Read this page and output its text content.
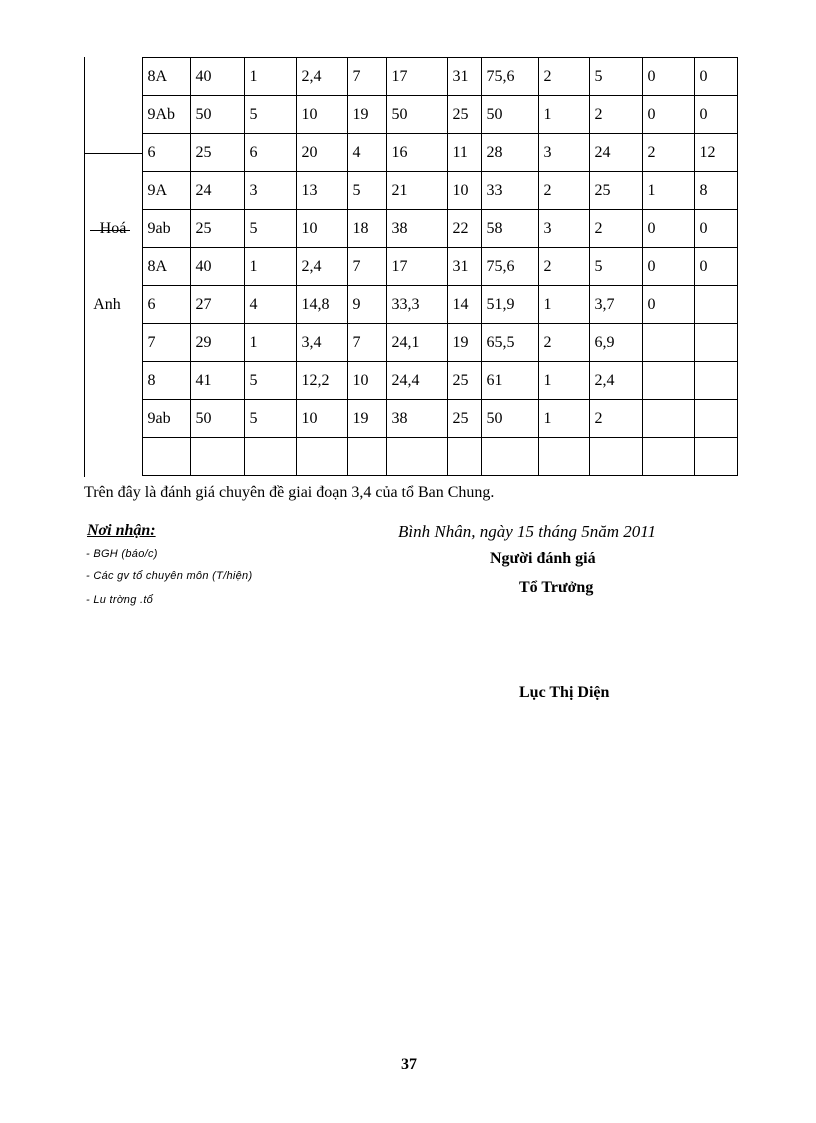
	8A	40	1	2,4	7	17	31	75,6	2	5	0	0
	9Ab	50	5	10	19	50	25	50	1	2	0	0
	6	25	6	20	4	16	11	28	3	24	2	12
	9A	24	3	13	5	21	10	33	2	25	1	8
	9ab	25	5	10	18	38	22	58	3	2	0	0
	8A	40	1	2,4	7	17	31	75,6	2	5	0	0
	6	27	4	14,8	9	33,3	14	51,9	1	3,7	0	
	7	29	1	3,4	7	24,1	19	65,5	2	6,9		
	8	41	5	12,2	10	24,4	25	61	1	2,4		
	9ab	50	5	10	19	38	25	50	1	2		

Hoá
Anh
Trên đây là đánh giá chuyên đề giai đoạn 3,4 của tổ Ban Chung.
Nơi nhận:
- BGH (báo/c)
- Các gv tổ chuyên môn (T/hiện)
- Lu trờng .tổ
Bình Nhân, ngày 15 tháng 5năm 2011
Người đánh giá
Tổ Trưởng
Lục Thị Diện
37
